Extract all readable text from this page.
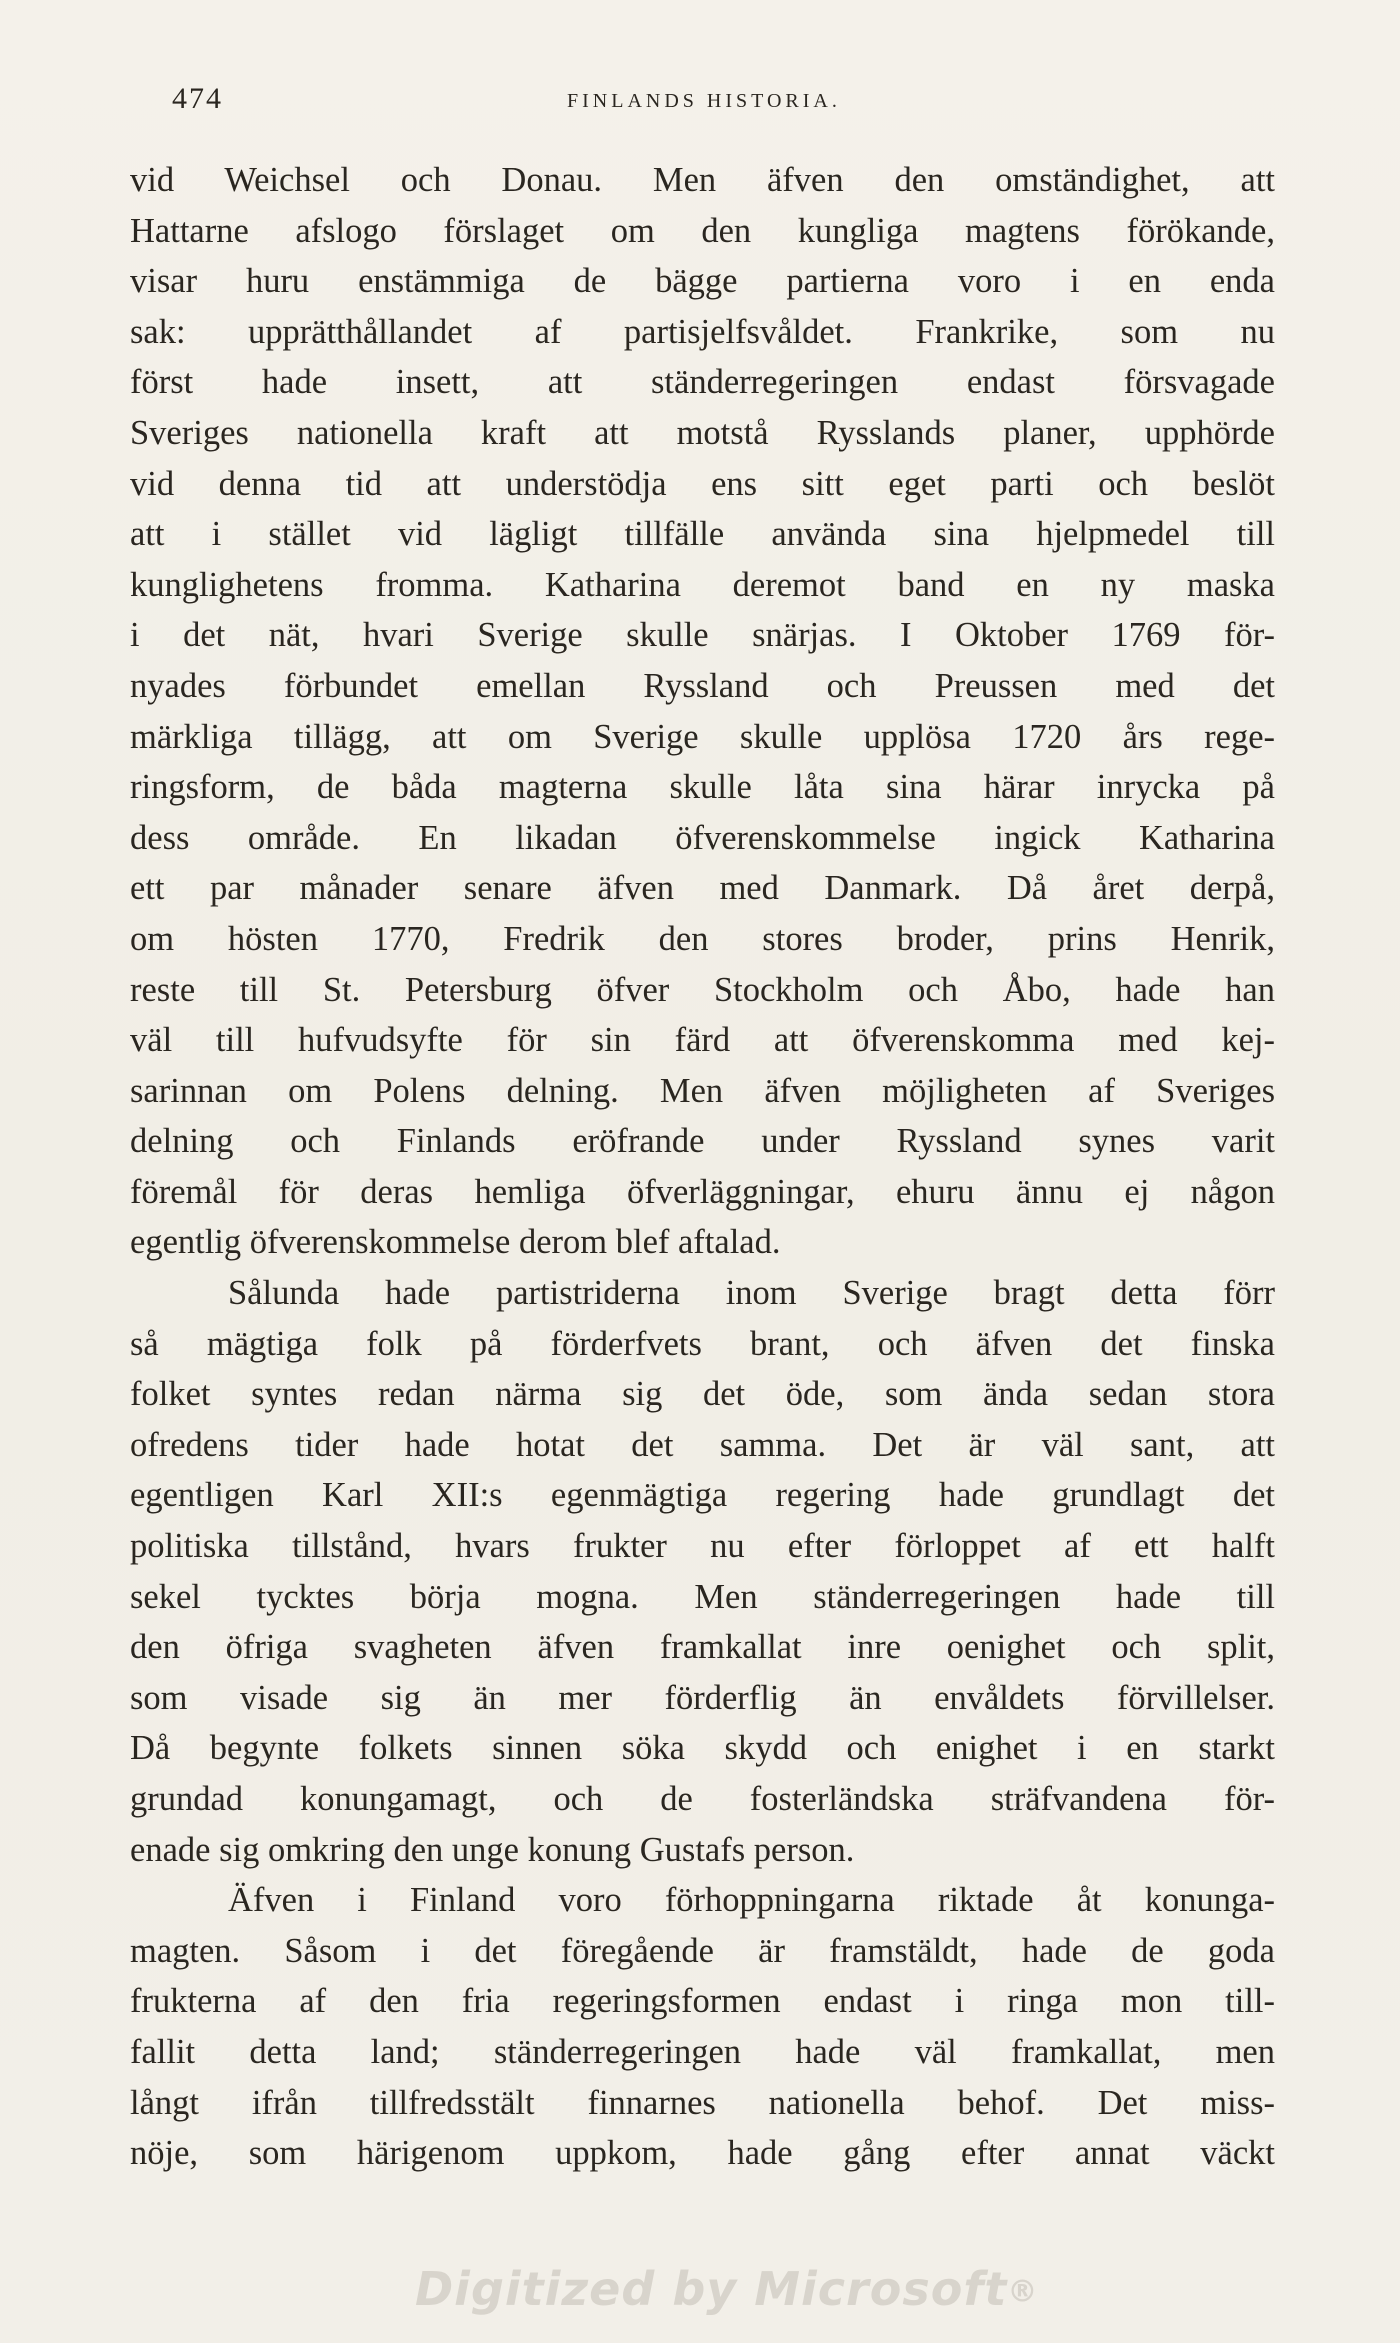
474	FINLANDS HISTORIA.
vid Weichsel och Donau. Men äfven den omständighet, att
Hattarne afslogo förslaget om den kungliga magtens förökande,
visar huru enstämmiga de bägge partierna voro i en enda
sak: upprätthållandet af partisjelfsvåldet. Frankrike, som nu
först hade insett, att ständerregeringen endast försvagade
Sveriges nationella kraft att motstå Rysslands planer, upphörde
vid denna tid att understödja ens sitt eget parti och beslöt
att i stället vid lägligt tillfälle använda sina hjelpmedel till
kunglighetens fromma. Katharina deremot band en ny maska
i det nät, hvari Sverige skulle snärjas. I Oktober 1769 för-
nyades förbundet emellan Ryssland och Preussen med det
märkliga tillägg, att om Sverige skulle upplösa 1720 års rege-
ringsform, de båda magterna skulle låta sina härar inrycka på
dess område. En likadan öfverenskommelse ingick Katharina
ett par månader senare äfven med Danmark. Då året derpå,
om hösten 1770, Fredrik den stores broder, prins Henrik,
reste till St. Petersburg öfver Stockholm och Åbo, hade han
väl till hufvudsyfte för sin färd att öfverenskomma med kej-
sarinnan om Polens delning. Men äfven möjligheten af Sveriges
delning och Finlands eröfrande under Ryssland synes varit
föremål för deras hemliga öfverläggningar, ehuru ännu ej någon
egentlig öfverenskommelse derom blef aftalad.
Sålunda hade partistriderna inom Sverige bragt detta förr
så mägtiga folk på förderfvets brant, och äfven det finska
folket syntes redan närma sig det öde, som ända sedan stora
ofredens tider hade hotat det samma. Det är väl sant, att
egentligen Karl XII:s egenmägtiga regering hade grundlagt det
politiska tillstånd, hvars frukter nu efter förloppet af ett halft
sekel tycktes börja mogna. Men ständerregeringen hade till
den öfriga svagheten äfven framkallat inre oenighet och split,
som visade sig än mer förderflig än envåldets förvillelser.
Då begynte folkets sinnen söka skydd och enighet i en starkt
grundad konungamagt, och de fosterländska sträfvandena för-
enade sig omkring den unge konung Gustafs person.
Äfven i Finland voro förhoppningarna riktade åt konunga-
magten. Såsom i det föregående är framstäldt, hade de goda
frukterna af den fria regeringsformen endast i ringa mon till-
fallit detta land; ständerregeringen hade väl framkallat, men
långt ifrån tillfredsstält finnarnes nationella behof. Det miss-
nöje, som härigenom uppkom, hade gång efter annat väckt
Digitized by Microsoft®
